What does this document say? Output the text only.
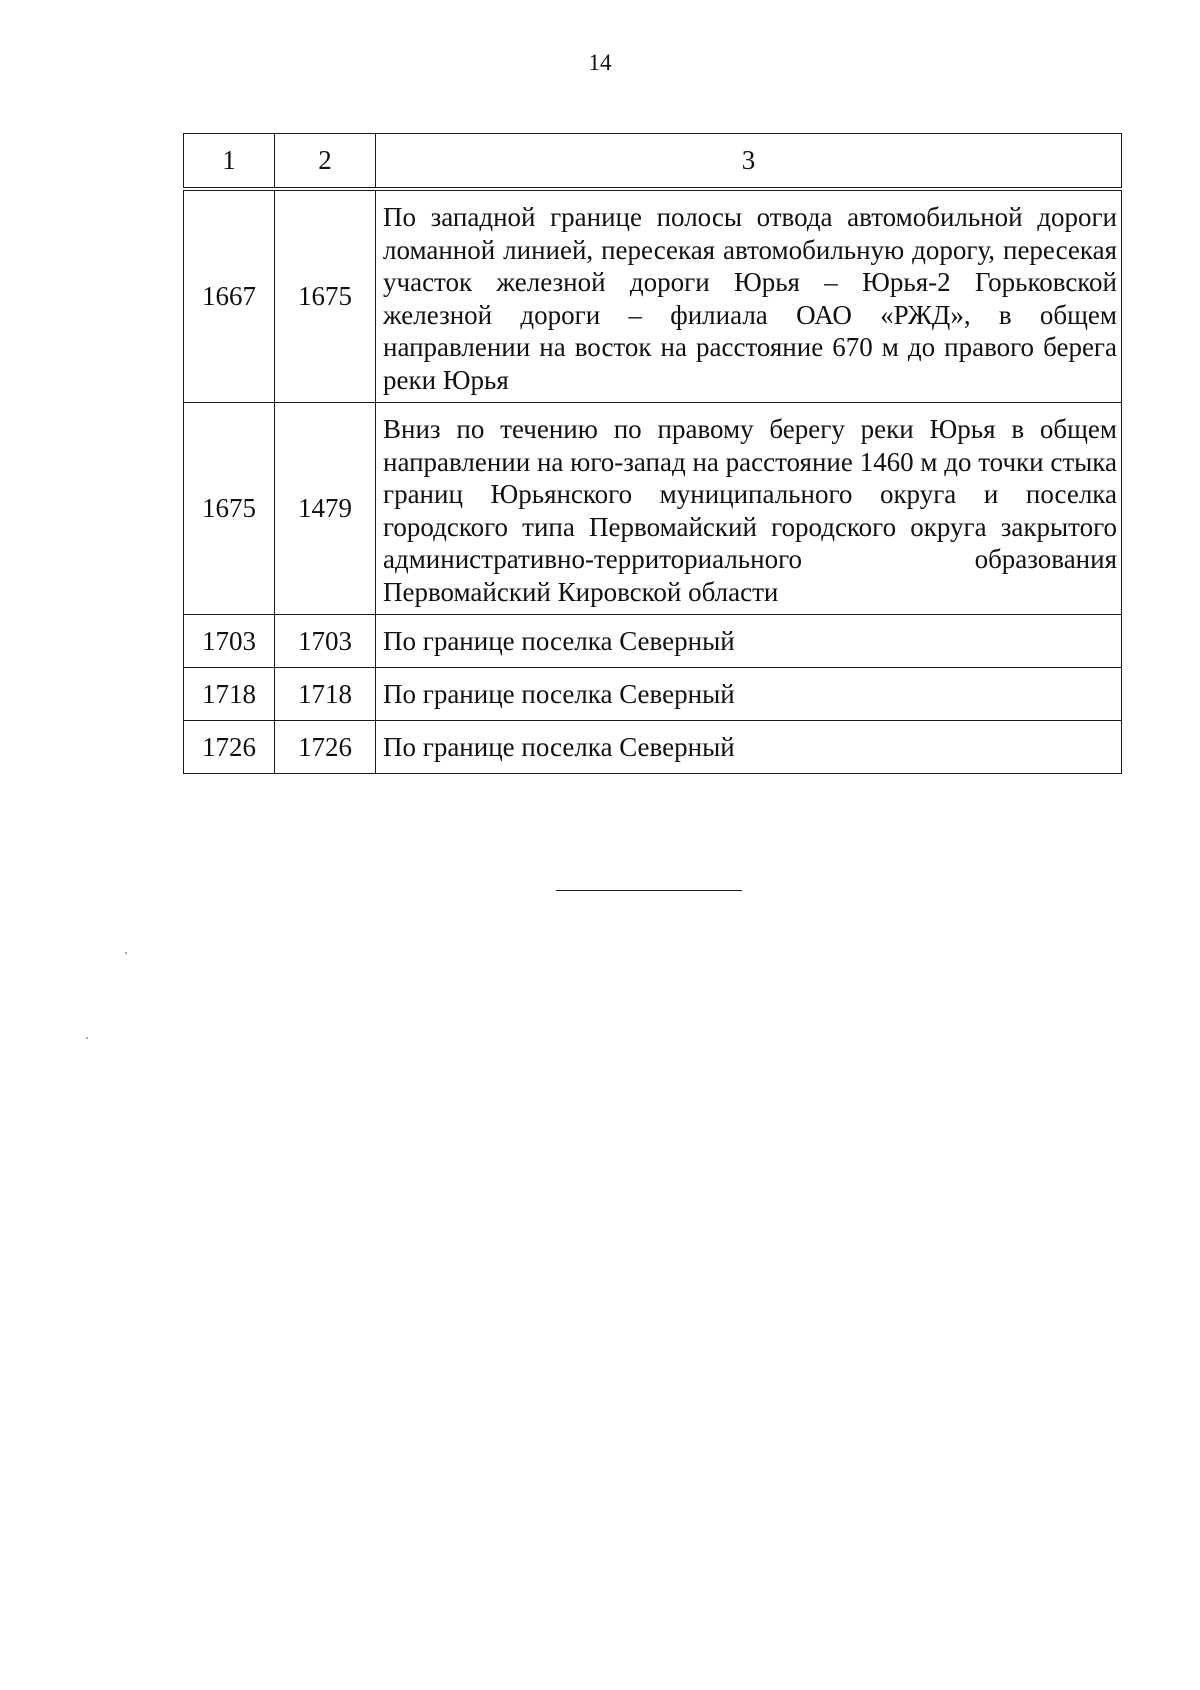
14
1	2	3
1667	1675	По западной границе полосы отвода автомобильной дороги ломанной линией, пересекая автомобильную дорогу, пересекая участок железной дороги Юрья – Юрья-2 Горьковской железной дороги – филиала ОАО «РЖД», в общем направлении на восток на расстояние 670 м до правого берега реки Юрья
1675	1479	Вниз по течению по правому берегу реки Юрья в общем направлении на юго-запад на расстояние 1460 м до точки стыка границ Юрьянского муниципального округа и поселка городского типа Первомайский городского округа закрытого административно-территориального образования Первомайский Кировской области
1703	1703	По границе поселка Северный
1718	1718	По границе поселка Северный
1726	1726	По границе поселка Северный
